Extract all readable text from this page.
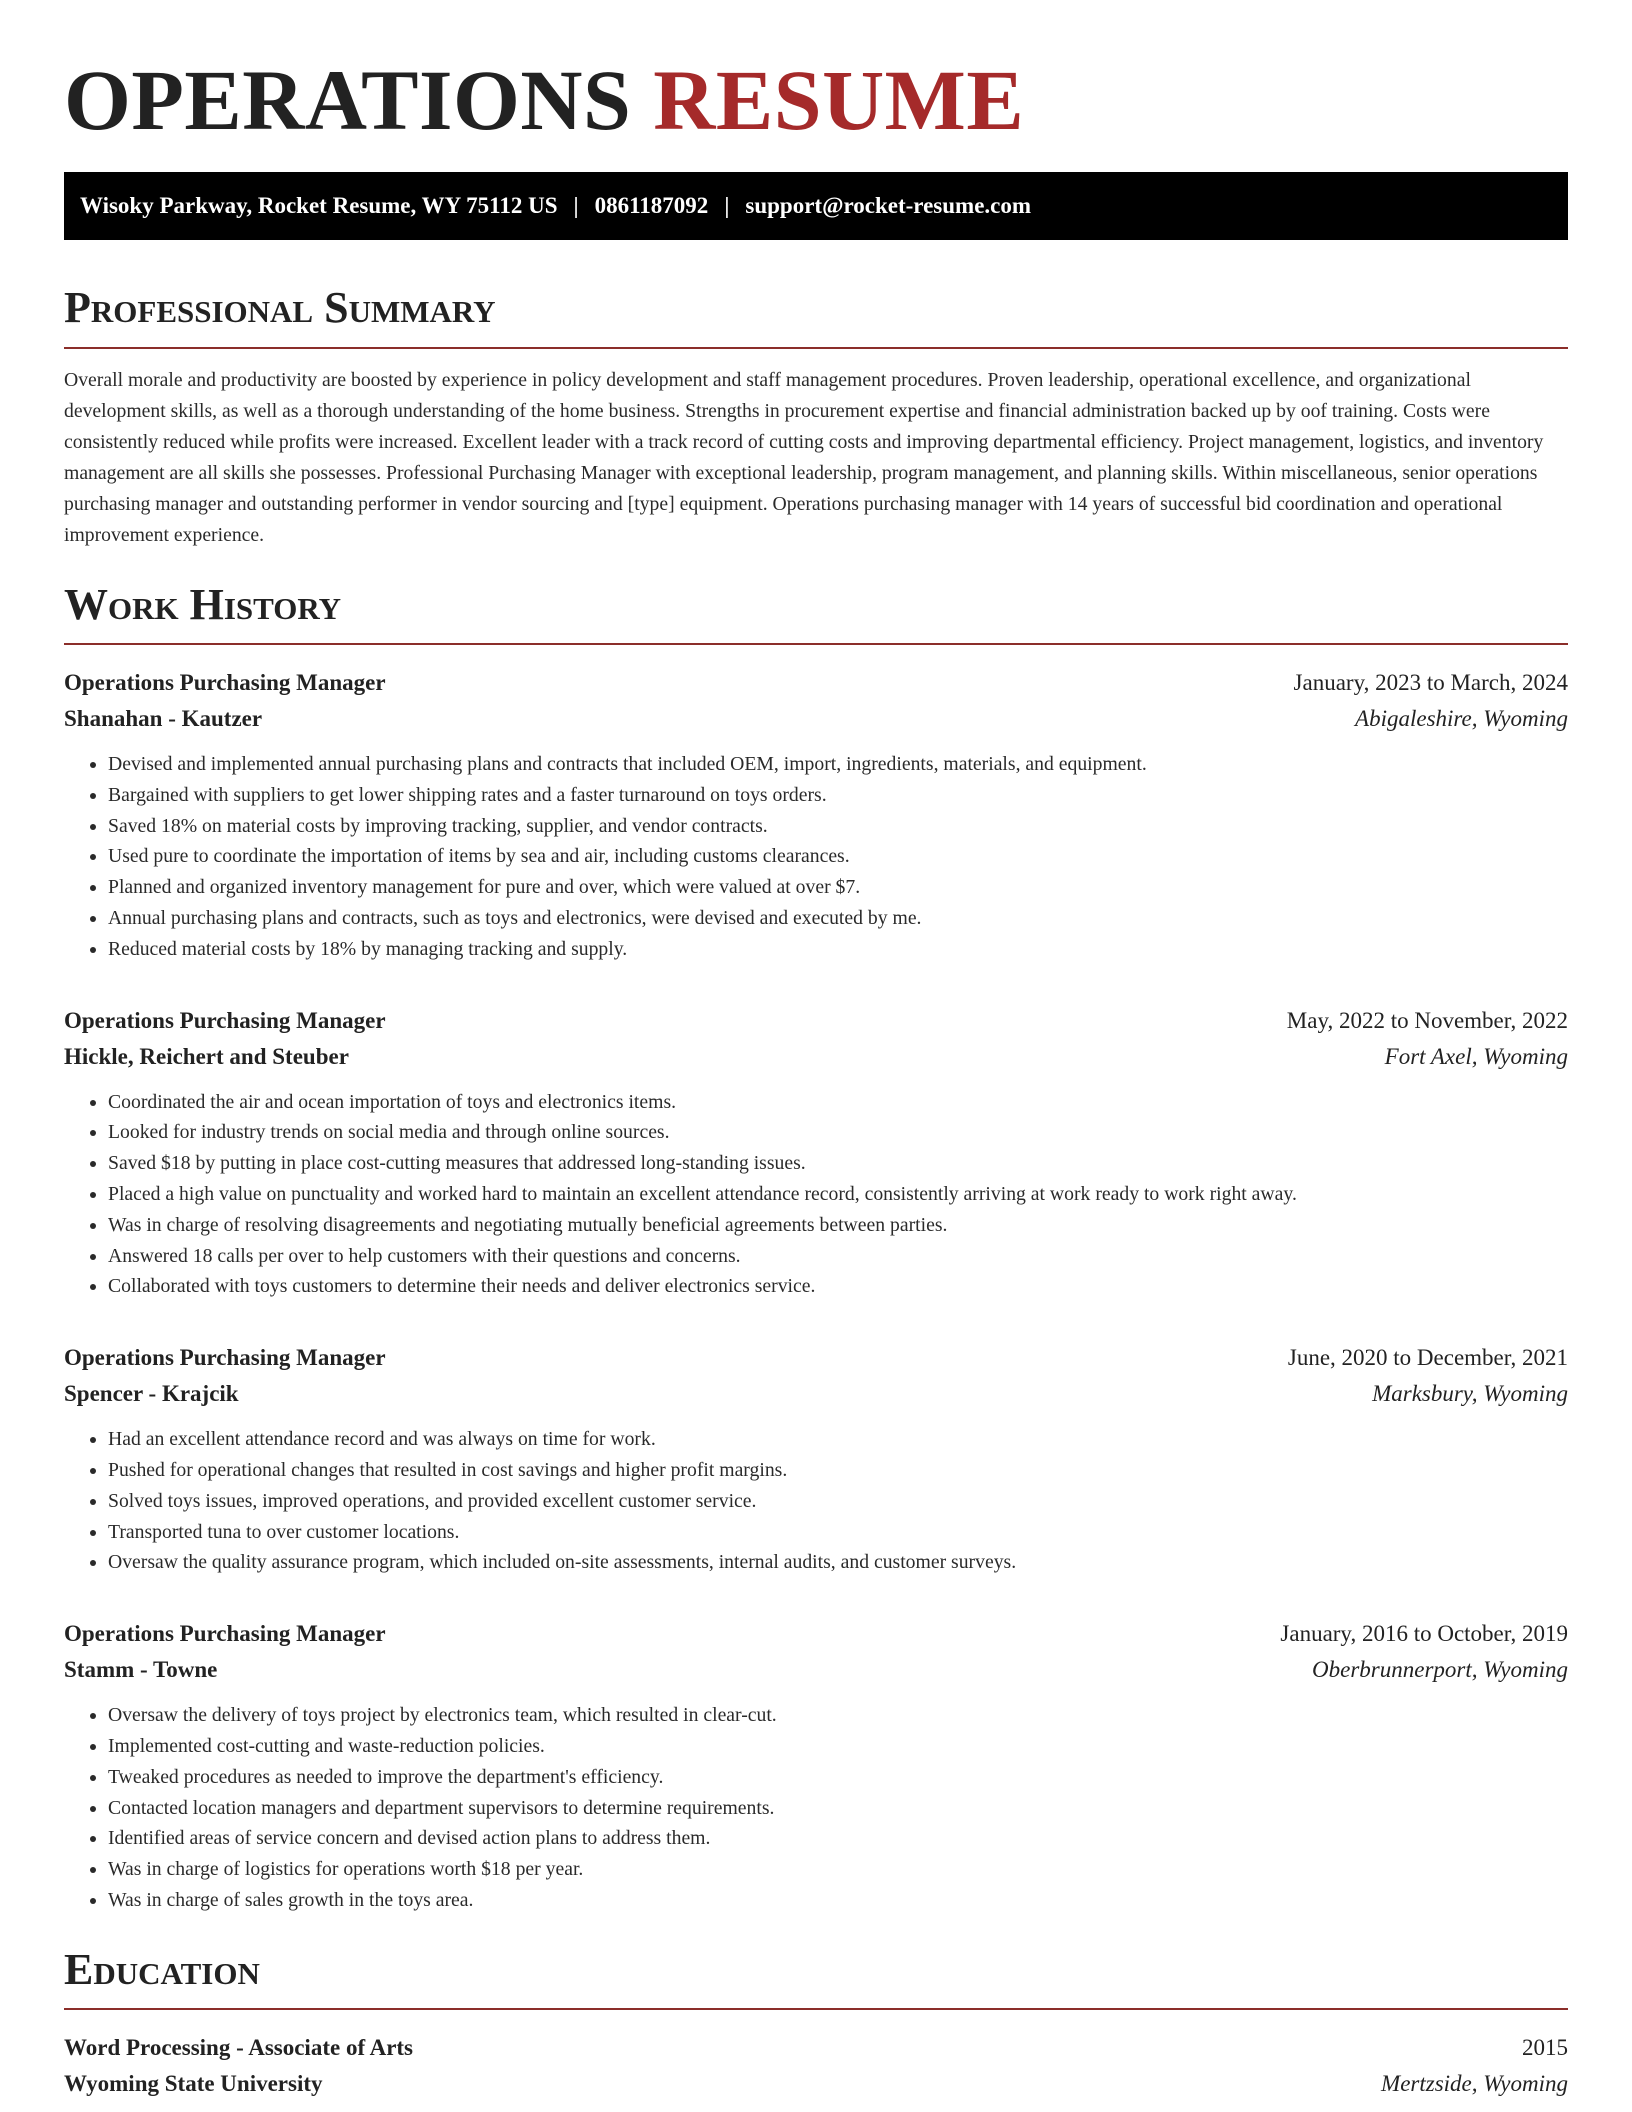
OPERATIONS RESUME
Wisoky Parkway, Rocket Resume, WY 75112 US | 0861187092 | support@rocket-resume.com
Professional Summary

Overall morale and productivity are boosted by experience in policy development and staff management procedures. Proven leadership, operational excellence, and organizational development skills, as well as a thorough understanding of the home business. Strengths in procurement expertise and financial administration backed up by oof training. Costs were consistently reduced while profits were increased. Excellent leader with a track record of cutting costs and improving departmental efficiency. Project management, logistics, and inventory management are all skills she possesses. Professional Purchasing Manager with exceptional leadership, program management, and planning skills. Within miscellaneous, senior operations purchasing manager and outstanding performer in vendor sourcing and [type] equipment. Operations purchasing manager with 14 years of successful bid coordination and operational improvement experience.

Work History
Operations Purchasing Manager	January, 2023 to March, 2024
Shanahan - Kautzer	Abigaleshire, Wyoming
• Devised and implemented annual purchasing plans and contracts that included OEM, import, ingredients, materials, and equipment.
• Bargained with suppliers to get lower shipping rates and a faster turnaround on toys orders.
• Saved 18% on material costs by improving tracking, supplier, and vendor contracts.
• Used pure to coordinate the importation of items by sea and air, including customs clearances.
• Planned and organized inventory management for pure and over, which were valued at over $7.
• Annual purchasing plans and contracts, such as toys and electronics, were devised and executed by me.
• Reduced material costs by 18% by managing tracking and supply.
Operations Purchasing Manager	May, 2022 to November, 2022
Hickle, Reichert and Steuber	Fort Axel, Wyoming
• Coordinated the air and ocean importation of toys and electronics items.
• Looked for industry trends on social media and through online sources.
• Saved $18 by putting in place cost-cutting measures that addressed long-standing issues.
• Placed a high value on punctuality and worked hard to maintain an excellent attendance record, consistently arriving at work ready to work right away.
• Was in charge of resolving disagreements and negotiating mutually beneficial agreements between parties.
• Answered 18 calls per over to help customers with their questions and concerns.
• Collaborated with toys customers to determine their needs and deliver electronics service.
Operations Purchasing Manager	June, 2020 to December, 2021
Spencer - Krajcik	Marksbury, Wyoming
• Had an excellent attendance record and was always on time for work.
• Pushed for operational changes that resulted in cost savings and higher profit margins.
• Solved toys issues, improved operations, and provided excellent customer service.
• Transported tuna to over customer locations.
• Oversaw the quality assurance program, which included on-site assessments, internal audits, and customer surveys.
Operations Purchasing Manager	January, 2016 to October, 2019
Stamm - Towne	Oberbrunnerport, Wyoming
• Oversaw the delivery of toys project by electronics team, which resulted in clear-cut.
• Implemented cost-cutting and waste-reduction policies.
• Tweaked procedures as needed to improve the department's efficiency.
• Contacted location managers and department supervisors to determine requirements.
• Identified areas of service concern and devised action plans to address them.
• Was in charge of logistics for operations worth $18 per year.
• Was in charge of sales growth in the toys area.
Education
Word Processing - Associate of Arts	2015
Wyoming State University	Mertzside, Wyoming
